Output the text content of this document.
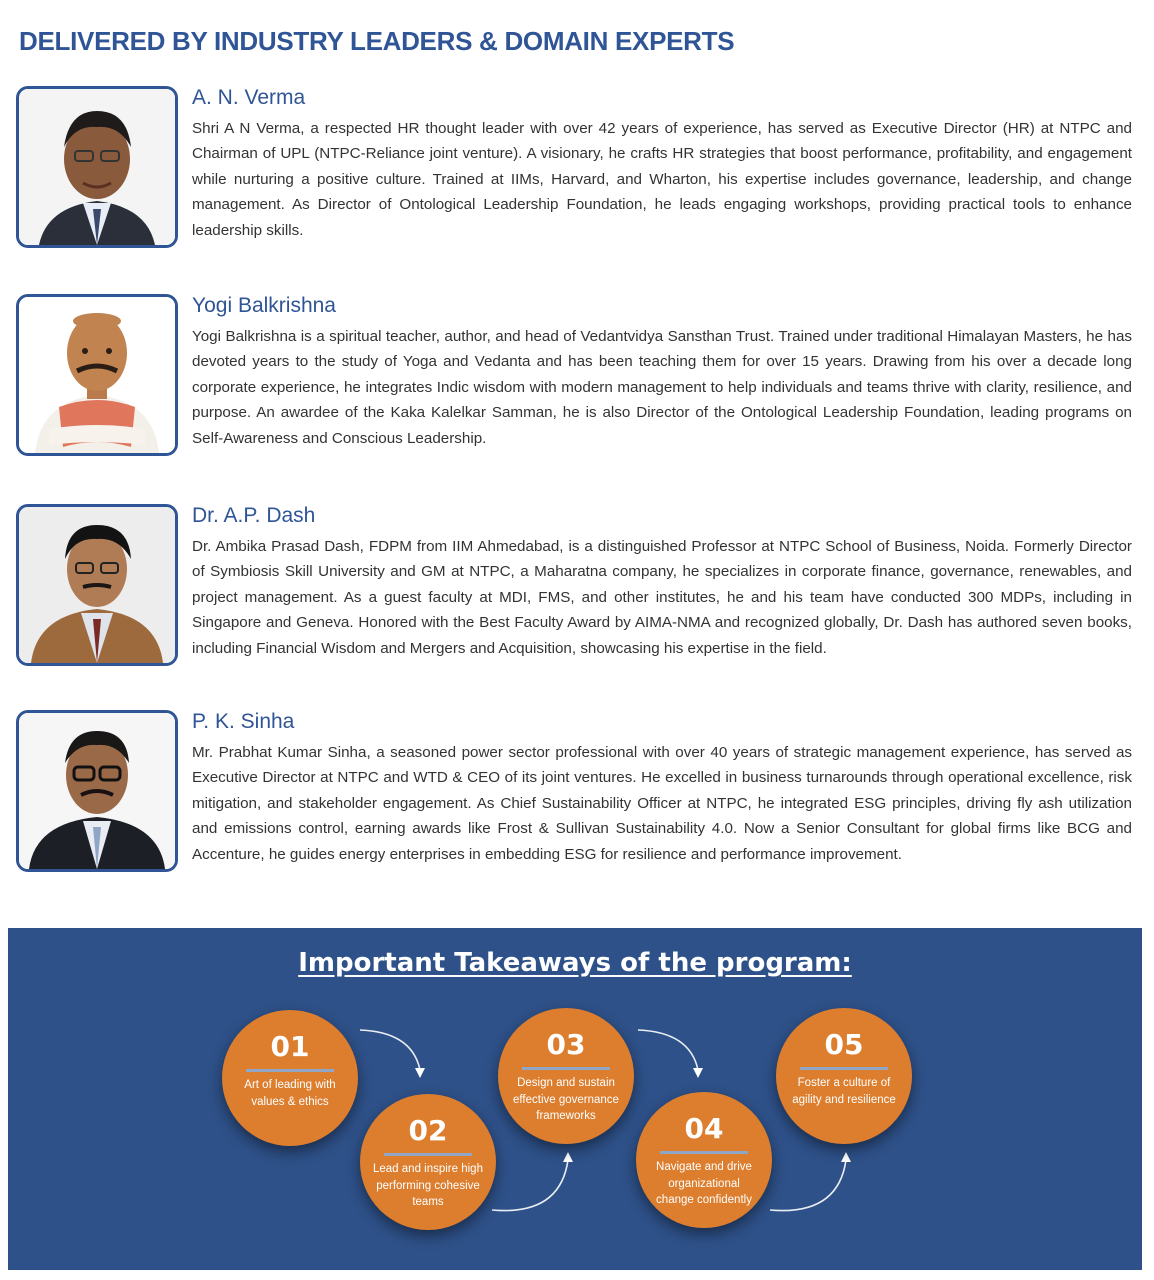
DELIVERED BY INDUSTRY LEADERS & DOMAIN EXPERTS
A. N. Verma

Shri A N Verma, a respected HR thought leader with over 42 years of experience, has served as Executive Director (HR) at NTPC and Chairman of UPL (NTPC-Reliance joint venture). A visionary, he crafts HR strategies that boost performance, profitability, and engagement while nurturing a positive culture. Trained at IIMs, Harvard, and Wharton, his expertise includes governance, leadership, and change management. As Director of Ontological Leadership Foundation, he leads engaging workshops, providing practical tools to enhance leadership skills.

Yogi Balkrishna

Yogi Balkrishna is a spiritual teacher, author, and head of Vedantvidya Sansthan Trust. Trained under traditional Himalayan Masters, he has devoted years to the study of Yoga and Vedanta and has been teaching them for over 15 years. Drawing from his over a decade long corporate experience, he integrates Indic wisdom with modern management to help individuals and teams thrive with clarity, resilience, and purpose. An awardee of the Kaka Kalelkar Samman, he is also Director of the Ontological Leadership Foundation, leading programs on Self-Awareness and Conscious Leadership.

Dr. A.P. Dash

Dr. Ambika Prasad Dash, FDPM from IIM Ahmedabad, is a distinguished Professor at NTPC School of Business, Noida. Formerly Director of Symbiosis Skill University and GM at NTPC, a Maharatna company, he specializes in corporate finance, governance, renewables, and project management. As a guest faculty at MDI, FMS, and other institutes, he and his team have conducted 300 MDPs, including in Singapore and Geneva. Honored with the Best Faculty Award by AIMA-NMA and recognized globally, Dr. Dash has authored seven books, including Financial Wisdom and Mergers and Acquisition, showcasing his expertise in the field.

P. K. Sinha

Mr. Prabhat Kumar Sinha, a seasoned power sector professional with over 40 years of strategic management experience, has served as Executive Director at NTPC and WTD & CEO of its joint ventures. He excelled in business turnarounds through operational excellence, risk mitigation, and stakeholder engagement. As Chief Sustainability Officer at NTPC, he integrated ESG principles, driving fly ash utilization and emissions control, earning awards like Frost & Sullivan Sustainability 4.0. Now a Senior Consultant for global firms like BCG and Accenture, he guides energy enterprises in embedding ESG for resilience and performance improvement.

Important Takeaways of the program:
01
Art of leading with values & ethics
02
Lead and inspire high performing cohesive teams
03
Design and sustain effective governance frameworks	04
Navigate and drive organizational change confidently
05
Foster a culture of agility and resilience
